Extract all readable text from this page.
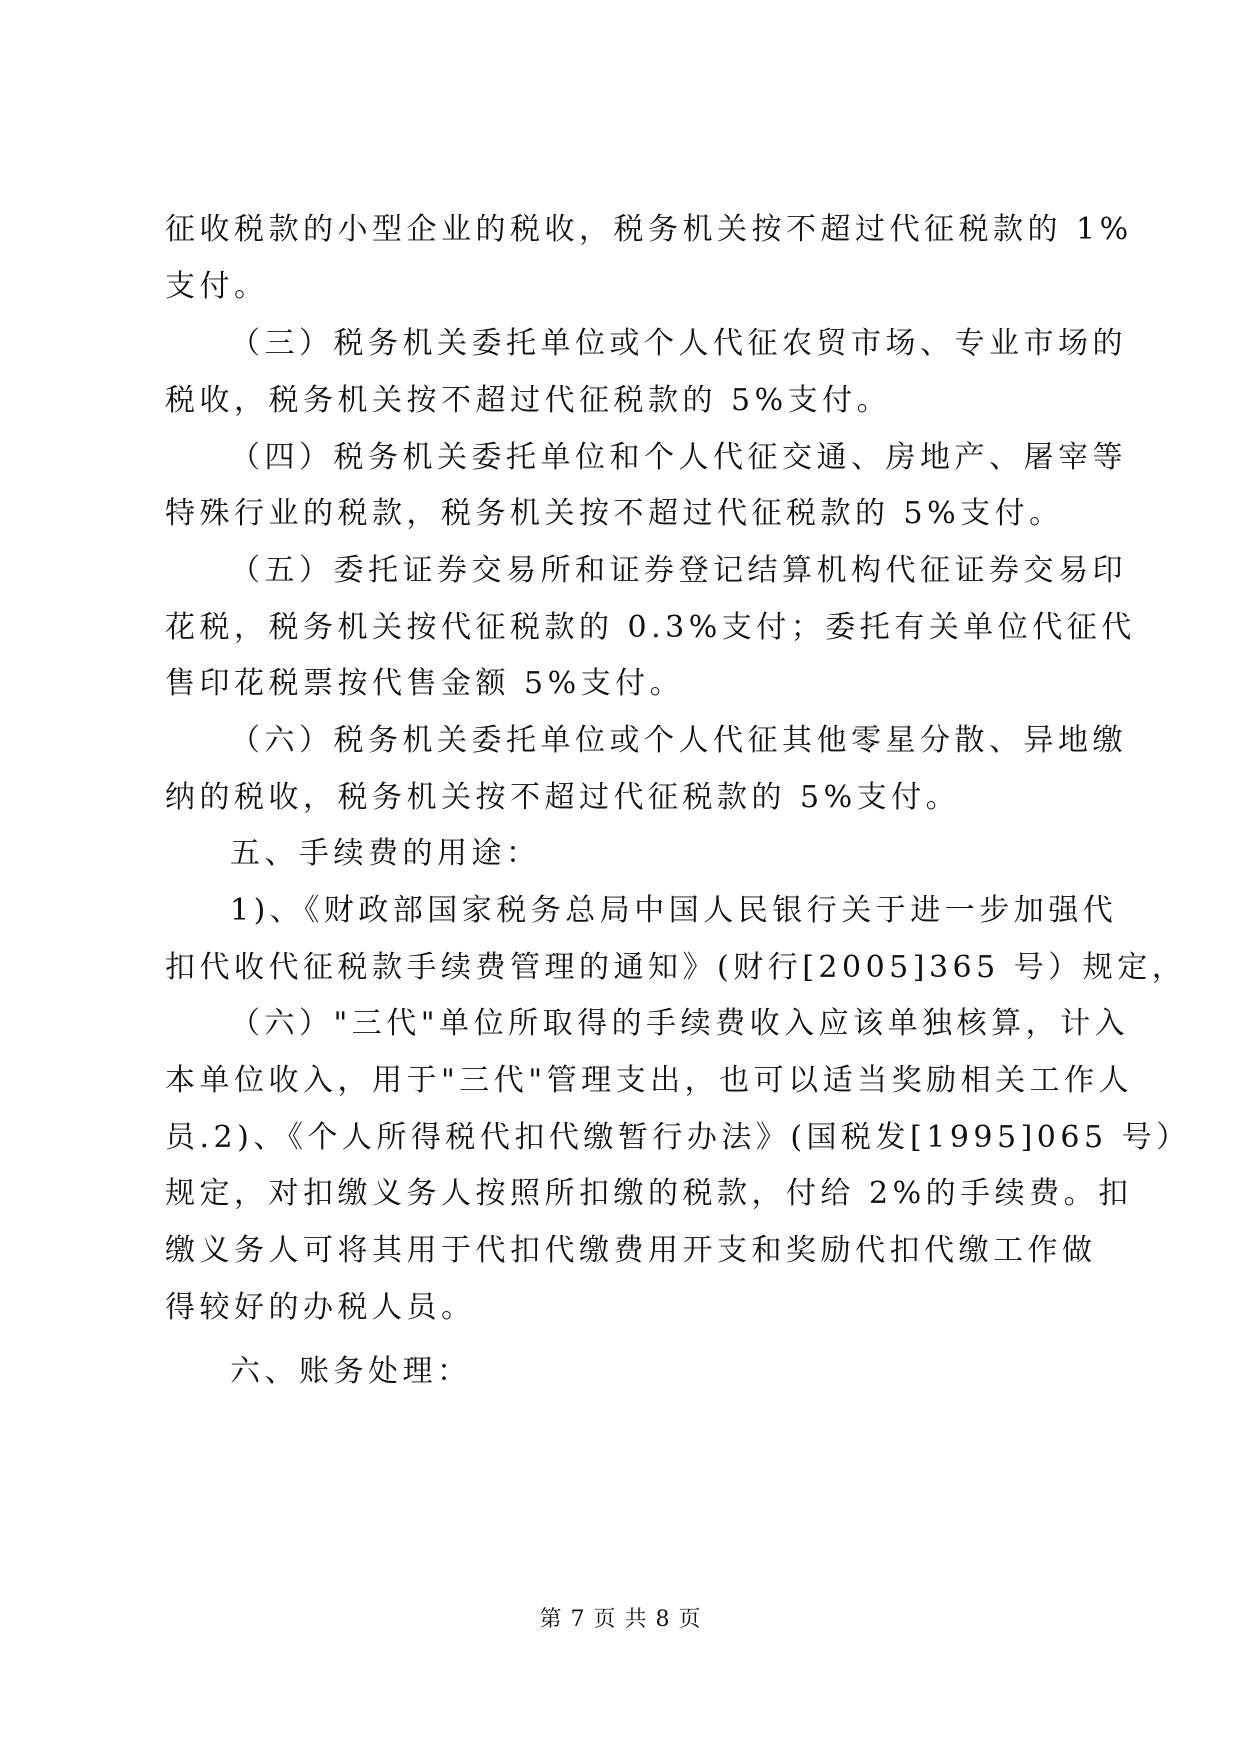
征收税款的小型企业的税收，税务机关按不超过代征税款的 1%
支付。
（三）税务机关委托单位或个人代征农贸市场、专业市场的
税收，税务机关按不超过代征税款的 5%支付。
（四）税务机关委托单位和个人代征交通、房地产、屠宰等
特殊行业的税款，税务机关按不超过代征税款的 5%支付。
（五）委托证券交易所和证券登记结算机构代征证券交易印
花税，税务机关按代征税款的 0.3%支付；委托有关单位代征代
售印花税票按代售金额 5%支付。
（六）税务机关委托单位或个人代征其他零星分散、异地缴
纳的税收，税务机关按不超过代征税款的 5%支付。
五、手续费的用途：
1)、《财政部国家税务总局中国人民银行关于进一步加强代
扣代收代征税款手续费管理的通知》(财行[2005]365 号）规定，
（六）"三代"单位所取得的手续费收入应该单独核算，计入
本单位收入，用于"三代"管理支出，也可以适当奖励相关工作人
员.2)、《个人所得税代扣代缴暂行办法》(国税发[1995]065 号）
规定，对扣缴义务人按照所扣缴的税款，付给 2%的手续费。扣
缴义务人可将其用于代扣代缴费用开支和奖励代扣代缴工作做
得较好的办税人员。
六、账务处理：
第 7 页 共 8 页
